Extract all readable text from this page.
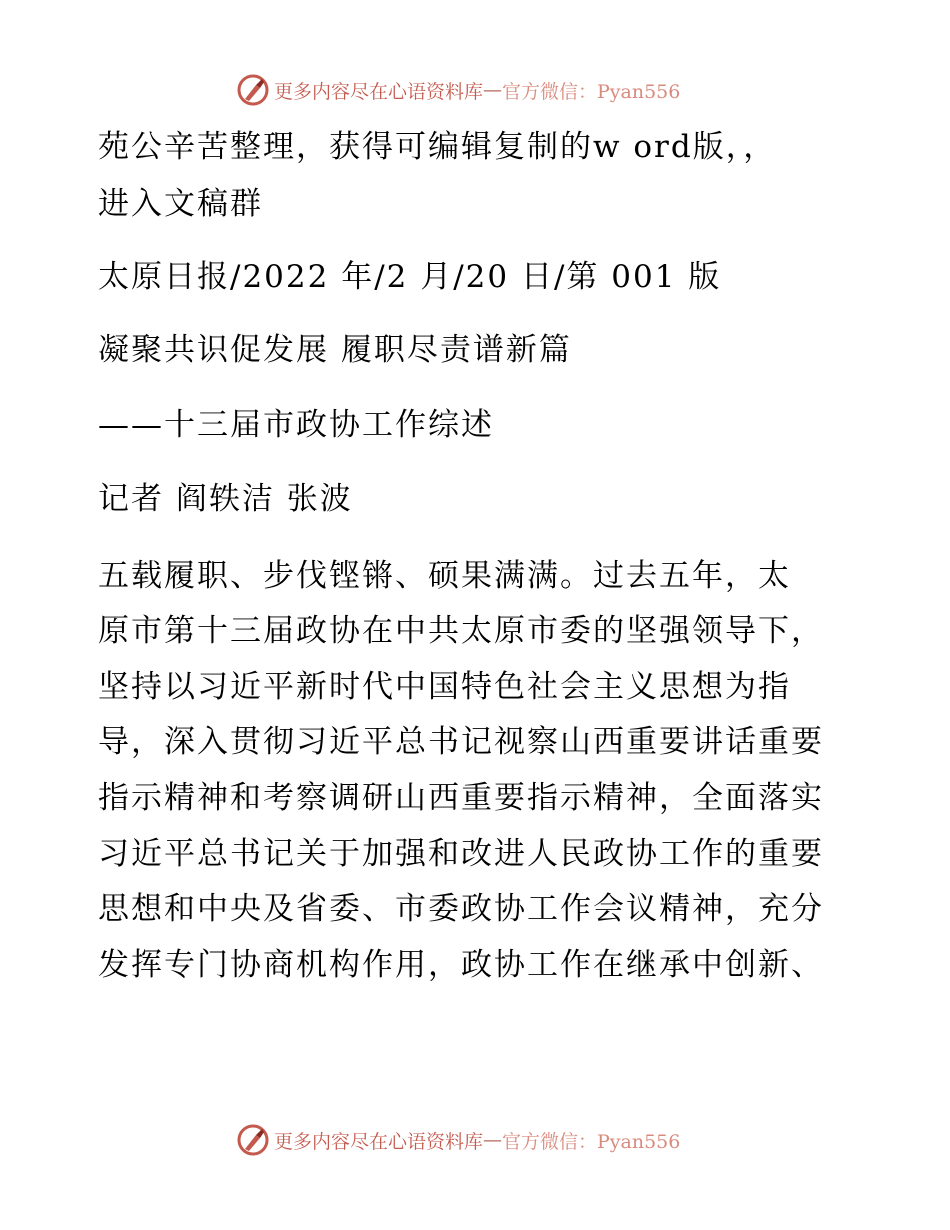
更多内容尽在心语资料库 — 官方微信：Pyan556

苑公辛苦整理，获得可编辑复制的w ord版，，

进入文稿群

太原日报/2022 年/2 月/20 日/第 001 版

凝聚共识促发展 履职尽责谱新篇

——十三届市政协工作综述

记者 阎轶洁 张波

五载履职、步伐铿锵、硕果满满。过去五年，太

原市第十三届政协在中共太原市委的坚强领导下，

坚持以习近平新时代中国特色社会主义思想为指

导，深入贯彻习近平总书记视察山西重要讲话重要

指示精神和考察调研山西重要指示精神，全面落实

习近平总书记关于加强和改进人民政协工作的重要

思想和中央及省委、市委政协工作会议精神，充分

发挥专门协商机构作用，政协工作在继承中创新、

更多内容尽在心语资料库 — 官方微信：Pyan556
